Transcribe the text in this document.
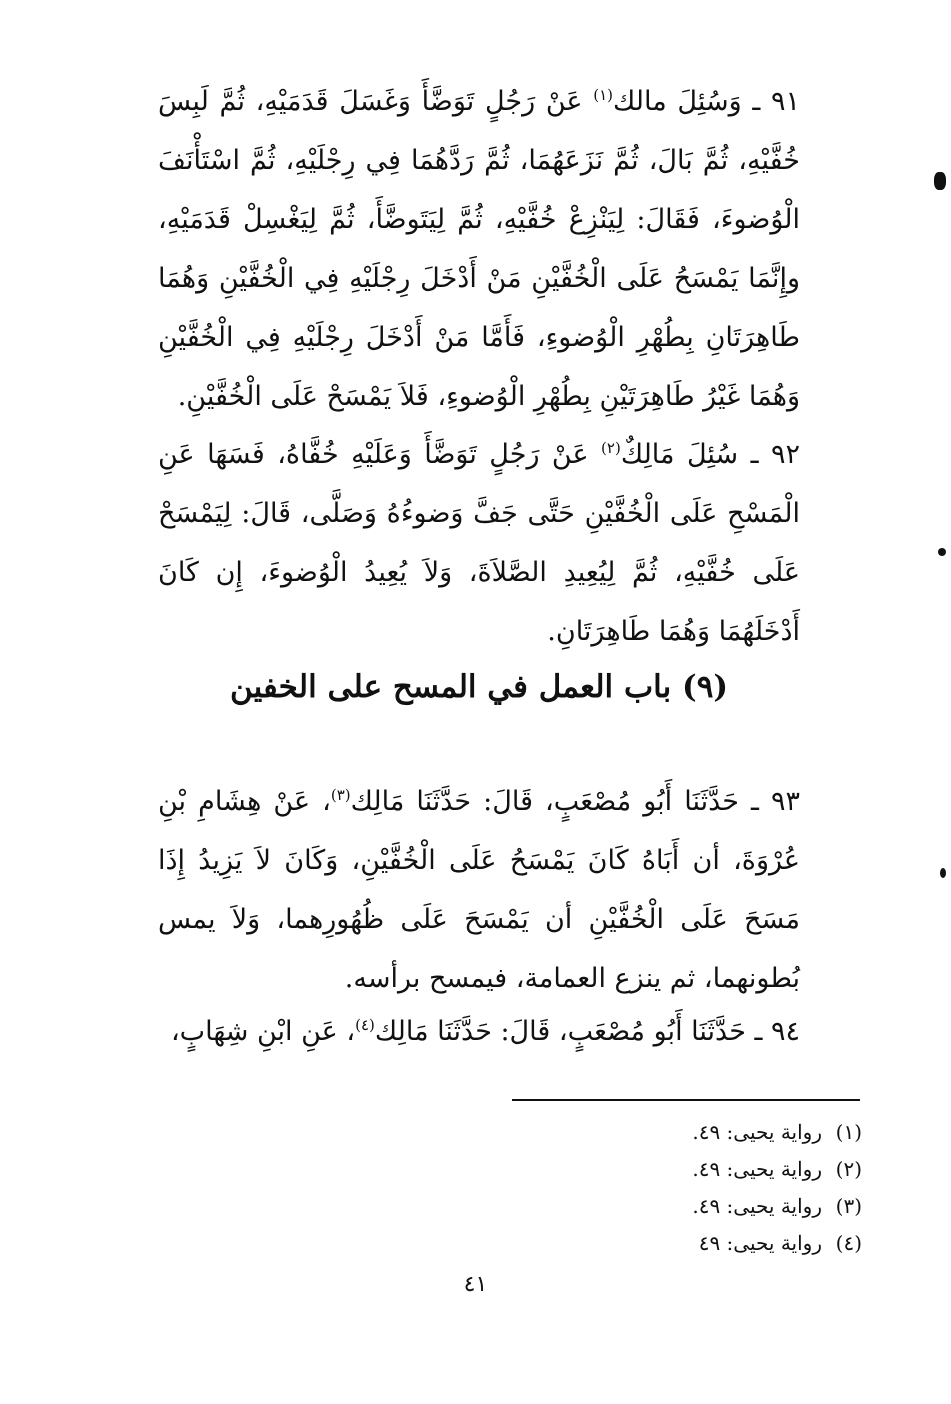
٩١ ـ وَسُئِلَ مالك$^{(١)}$ عَنْ رَجُلٍ تَوَضَّأَ وَغَسَلَ قَدَمَيْهِ، ثُمَّ لَبِسَ خُفَّيْهِ، ثُمَّ بَالَ، ثُمَّ نَزَعَهُمَا، ثُمَّ رَدَّهُمَا فِي رِجْلَيْهِ، ثُمَّ اسْتَأْنَفَ الْوُضوءَ، فَقَالَ: لِيَنْزِعْ خُفَّيْهِ، ثُمَّ لِيَتَوضَّأَ، ثُمَّ لِيَغْسِلْ قَدَمَيْهِ، وإِنَّمَا يَمْسَحُ عَلَى الْخُفَّيْنِ مَنْ أَدْخَلَ رِجْلَيْهِ فِي الْخُفَّيْنِ وَهُمَا طَاهِرَتَانِ بِطُهْرِ الْوُضوءِ، فَأَمَّا مَنْ أَدْخَلَ رِجْلَيْهِ فِي الْخُفَّيْنِ وَهُمَا غَيْرُ طَاهِرَتَيْنِ بِطُهْرِ الْوُضوءِ، فَلاَ يَمْسَحْ عَلَى الْخُفَّيْنِ.

٩٢ ـ سُئِلَ مَالِكٌ$^{(٢)}$ عَنْ رَجُلٍ تَوَضَّأَ وَعَلَيْهِ خُفَّاهُ، فَسَهَا عَنِ الْمَسْحِ عَلَى الْخُفَّيْنِ حَتَّى جَفَّ وَضوءُهُ وَصَلَّى، قَالَ: لِيَمْسَحْ عَلَى خُفَّيْهِ، ثُمَّ لِيُعِيدِ الصَّلاَةَ، وَلاَ يُعِيدُ الْوُضوءَ، إِن كَانَ أَدْخَلَهُمَا وَهُمَا طَاهِرَتَانِ.

(٩) باب العمل في المسح على الخفين

٩٣ ـ حَدَّثَنَا أَبُو مُصْعَبٍ، قَالَ: حَدَّثَنَا مَالِك$^{(٣)}$، عَنْ هِشَامِ بْنِ عُرْوَةَ، أن أَبَاهُ كَانَ يَمْسَحُ عَلَى الْخُفَّيْنِ، وَكَانَ لاَ يَزِيدُ إِذَا مَسَحَ عَلَى الْخُفَّيْنِ أن يَمْسَحَ عَلَى ظُهُورِهما، وَلاَ يمس بُطونهما، ثم ينزع العمامة، فيمسح برأسه.

٩٤ ـ حَدَّثَنَا أَبُو مُصْعَبٍ، قَالَ: حَدَّثَنَا مَالِك$^{(٤)}$، عَنِ ابْنِ شِهَابٍ،

(١)رواية يحيى: ٤٩.
(٢)رواية يحيى: ٤٩.
(٣)رواية يحيى: ٤٩.
(٤)رواية يحيى: ٤٩
٤١
